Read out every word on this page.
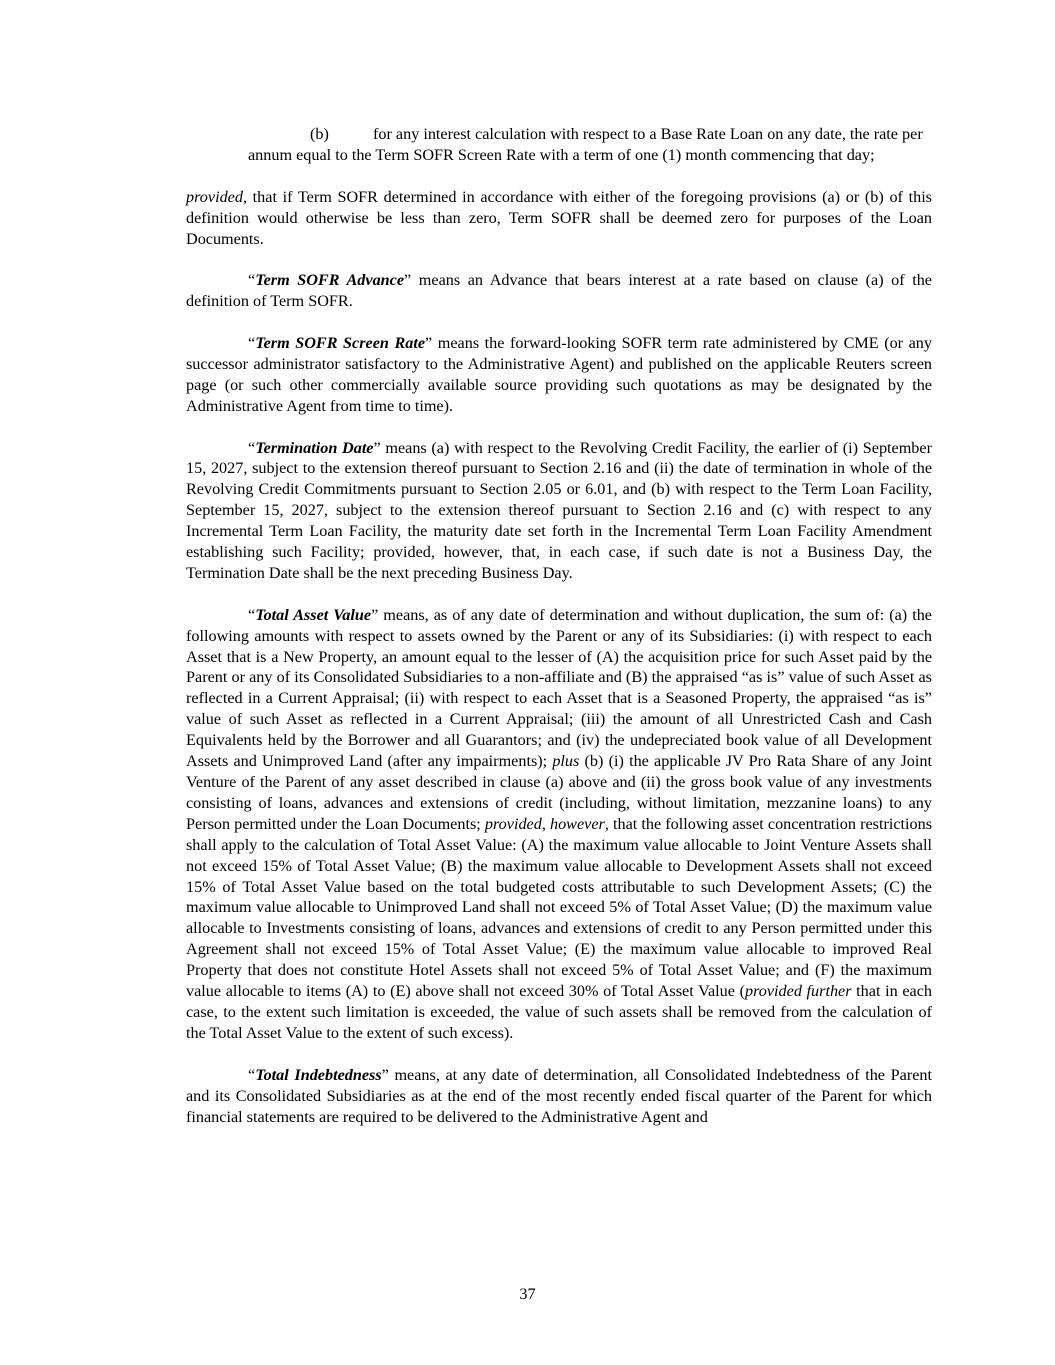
(b)	for any interest calculation with respect to a Base Rate Loan on any date, the rate per annum equal to the Term SOFR Screen Rate with a term of one (1) month commencing that day;

provided, that if Term SOFR determined in accordance with either of the foregoing provisions (a) or (b) of this definition would otherwise be less than zero, Term SOFR shall be deemed zero for purposes of the Loan Documents.

“Term SOFR Advance” means an Advance that bears interest at a rate based on clause (a) of the definition of Term SOFR.

“Term SOFR Screen Rate” means the forward-looking SOFR term rate administered by CME (or any successor administrator satisfactory to the Administrative Agent) and published on the applicable Reuters screen page (or such other commercially available source providing such quotations as may be designated by the Administrative Agent from time to time).

“Termination Date” means (a) with respect to the Revolving Credit Facility, the earlier of (i) September 15, 2027, subject to the extension thereof pursuant to Section 2.16 and (ii) the date of termination in whole of the Revolving Credit Commitments pursuant to Section 2.05 or 6.01, and (b) with respect to the Term Loan Facility, September 15, 2027, subject to the extension thereof pursuant to Section 2.16 and (c) with respect to any Incremental Term Loan Facility, the maturity date set forth in the Incremental Term Loan Facility Amendment establishing such Facility; provided, however, that, in each case, if such date is not a Business Day, the Termination Date shall be the next preceding Business Day.

“Total Asset Value” means, as of any date of determination and without duplication, the sum of: (a) the following amounts with respect to assets owned by the Parent or any of its Subsidiaries: (i) with respect to each Asset that is a New Property, an amount equal to the lesser of (A) the acquisition price for such Asset paid by the Parent or any of its Consolidated Subsidiaries to a non-affiliate and (B) the appraised “as is” value of such Asset as reflected in a Current Appraisal; (ii) with respect to each Asset that is a Seasoned Property, the appraised “as is” value of such Asset as reflected in a Current Appraisal; (iii) the amount of all Unrestricted Cash and Cash Equivalents held by the Borrower and all Guarantors; and (iv) the undepreciated book value of all Development Assets and Unimproved Land (after any impairments); plus (b) (i) the applicable JV Pro Rata Share of any Joint Venture of the Parent of any asset described in clause (a) above and (ii) the gross book value of any investments consisting of loans, advances and extensions of credit (including, without limitation, mezzanine loans) to any Person permitted under the Loan Documents; provided, however, that the following asset concentration restrictions shall apply to the calculation of Total Asset Value: (A) the maximum value allocable to Joint Venture Assets shall not exceed 15% of Total Asset Value; (B) the maximum value allocable to Development Assets shall not exceed 15% of Total Asset Value based on the total budgeted costs attributable to such Development Assets; (C) the maximum value allocable to Unimproved Land shall not exceed 5% of Total Asset Value; (D) the maximum value allocable to Investments consisting of loans, advances and extensions of credit to any Person permitted under this Agreement shall not exceed 15% of Total Asset Value; (E) the maximum value allocable to improved Real Property that does not constitute Hotel Assets shall not exceed 5% of Total Asset Value; and (F) the maximum value allocable to items (A) to (E) above shall not exceed 30% of Total Asset Value (provided further that in each case, to the extent such limitation is exceeded, the value of such assets shall be removed from the calculation of the Total Asset Value to the extent of such excess).

“Total Indebtedness” means, at any date of determination, all Consolidated Indebtedness of the Parent and its Consolidated Subsidiaries as at the end of the most recently ended fiscal quarter of the Parent for which financial statements are required to be delivered to the Administrative Agent and

37
